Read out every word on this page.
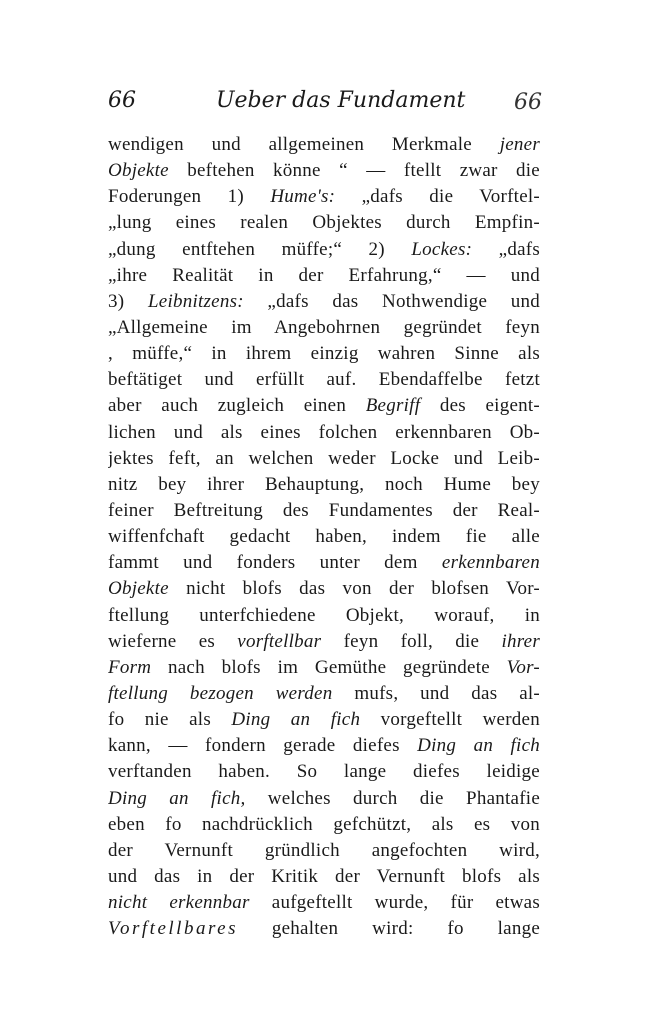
66	Ueber das Fundament 66
wendigen und allgemeinen Merkmale jener
Objekte beftehen könne “ — ftellt zwar die
Foderungen 1) Hume's: „dafs die Vorftel-
„lung eines realen Objektes durch Empfin-
„dung entftehen müffe;“ 2) Lockes: „dafs
„ihre Realität in der Erfahrung,“ — und
3) Leibnitzens: „dafs das Nothwendige und
„Allgemeine im Angebohrnen gegründet feyn
, müffe,“ in ihrem einzig wahren Sinne als
beftätiget und erfüllt auf. Ebendaffelbe fetzt
aber auch zugleich einen Begriff des eigent-
lichen und als eines folchen erkennbaren Ob-
jektes feft, an welchen weder Locke und Leib-
nitz bey ihrer Behauptung, noch Hume bey
feiner Beftreitung des Fundamentes der Real-
wiffenfchaft gedacht haben, indem fie alle
fammt und fonders unter dem erkennbaren
Objekte nicht blofs das von der blofsen Vor-
ftellung unterfchiedene Objekt, worauf, in
wieferne es vorftellbar feyn foll, die ihrer
Form nach blofs im Gemüthe gegründete Vor-
ftellung bezogen werden mufs, und das al-
fo nie als Ding an fich vorgeftellt werden
kann, — fondern gerade diefes Ding an fich
verftanden haben. So lange diefes leidige
Ding an fich, welches durch die Phantafie
eben fo nachdrücklich gefchützt, als es von
der Vernunft gründlich angefochten wird,
und das in der Kritik der Vernunft blofs als
nicht erkennbar aufgeftellt wurde, für etwas
Vorftellbares gehalten wird: fo lange
